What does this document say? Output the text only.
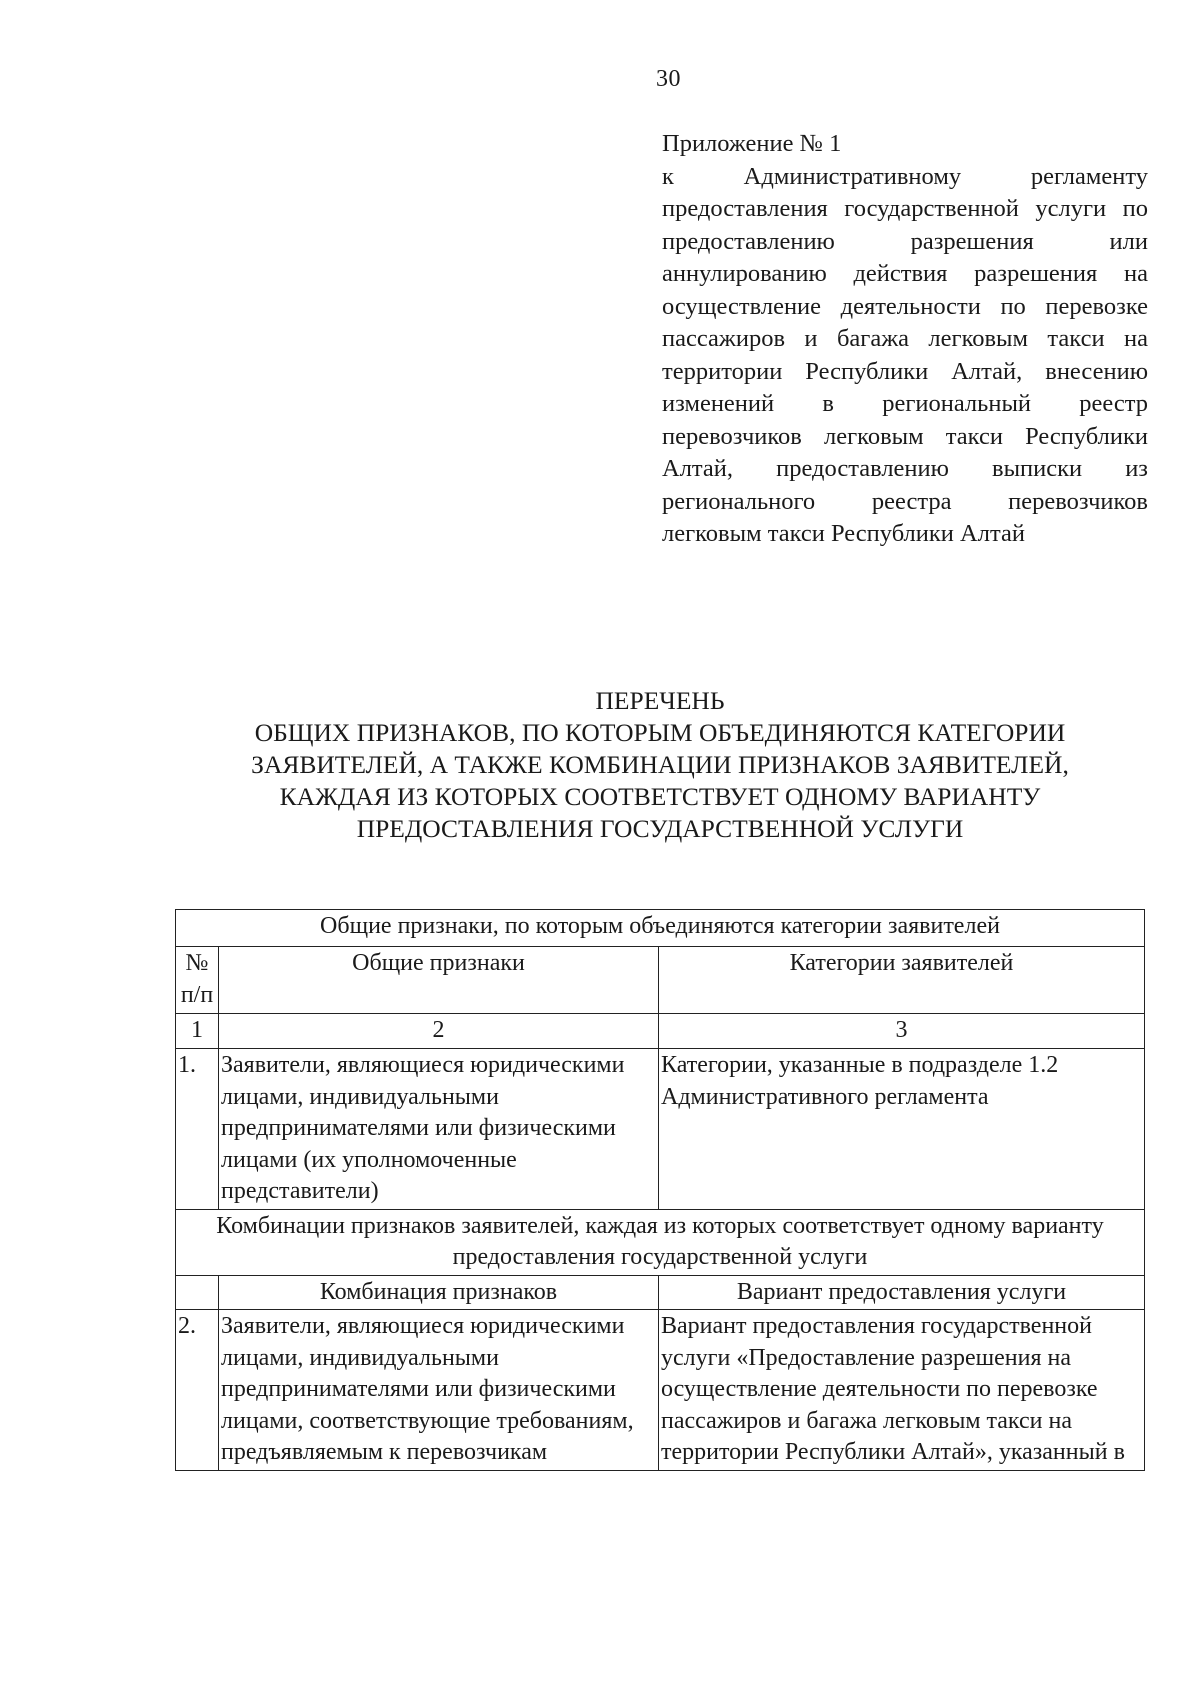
30
Приложение № 1
к Административному регламенту предоставления государственной услуги по предоставлению разрешения или аннулированию действия разрешения на осуществление деятельности по перевозке пассажиров и багажа легковым такси на территории Республики Алтай, внесению изменений в региональный реестр перевозчиков легковым такси Республики Алтай, предоставлению выписки из регионального реестра перевозчиков легковым такси Республики Алтай
ПЕРЕЧЕНЬ
ОБЩИХ ПРИЗНАКОВ, ПО КОТОРЫМ ОБЪЕДИНЯЮТСЯ КАТЕГОРИИ
ЗАЯВИТЕЛЕЙ, А ТАКЖЕ КОМБИНАЦИИ ПРИЗНАКОВ ЗАЯВИТЕЛЕЙ,
КАЖДАЯ ИЗ КОТОРЫХ СООТВЕТСТВУЕТ ОДНОМУ ВАРИАНТУ
ПРЕДОСТАВЛЕНИЯ ГОСУДАРСТВЕННОЙ УСЛУГИ
Общие признаки, по которым объединяются категории заявителей		
№ п/п	Общие признаки	Категории заявителей
1	2	3
1.	Заявители, являющиеся юридическими лицами, индивидуальными предпринимателями или физическими лицами (их уполномоченные представители)	Категории, указанные в подразделе 1.2 Административного регламента
Комбинации признаков заявителей, каждая из которых соответствует одному варианту предоставления государственной услуги		
	Комбинация признаков	Вариант предоставления услуги
2.	Заявители, являющиеся юридическими лицами, индивидуальными предпринимателями или физическими лицами, соответствующие требованиям, предъявляемым к перевозчикам	Вариант предоставления государственной услуги «Предоставление разрешения на осуществление деятельности по перевозке пассажиров и багажа легковым такси на территории Республики Алтай», указанный в
